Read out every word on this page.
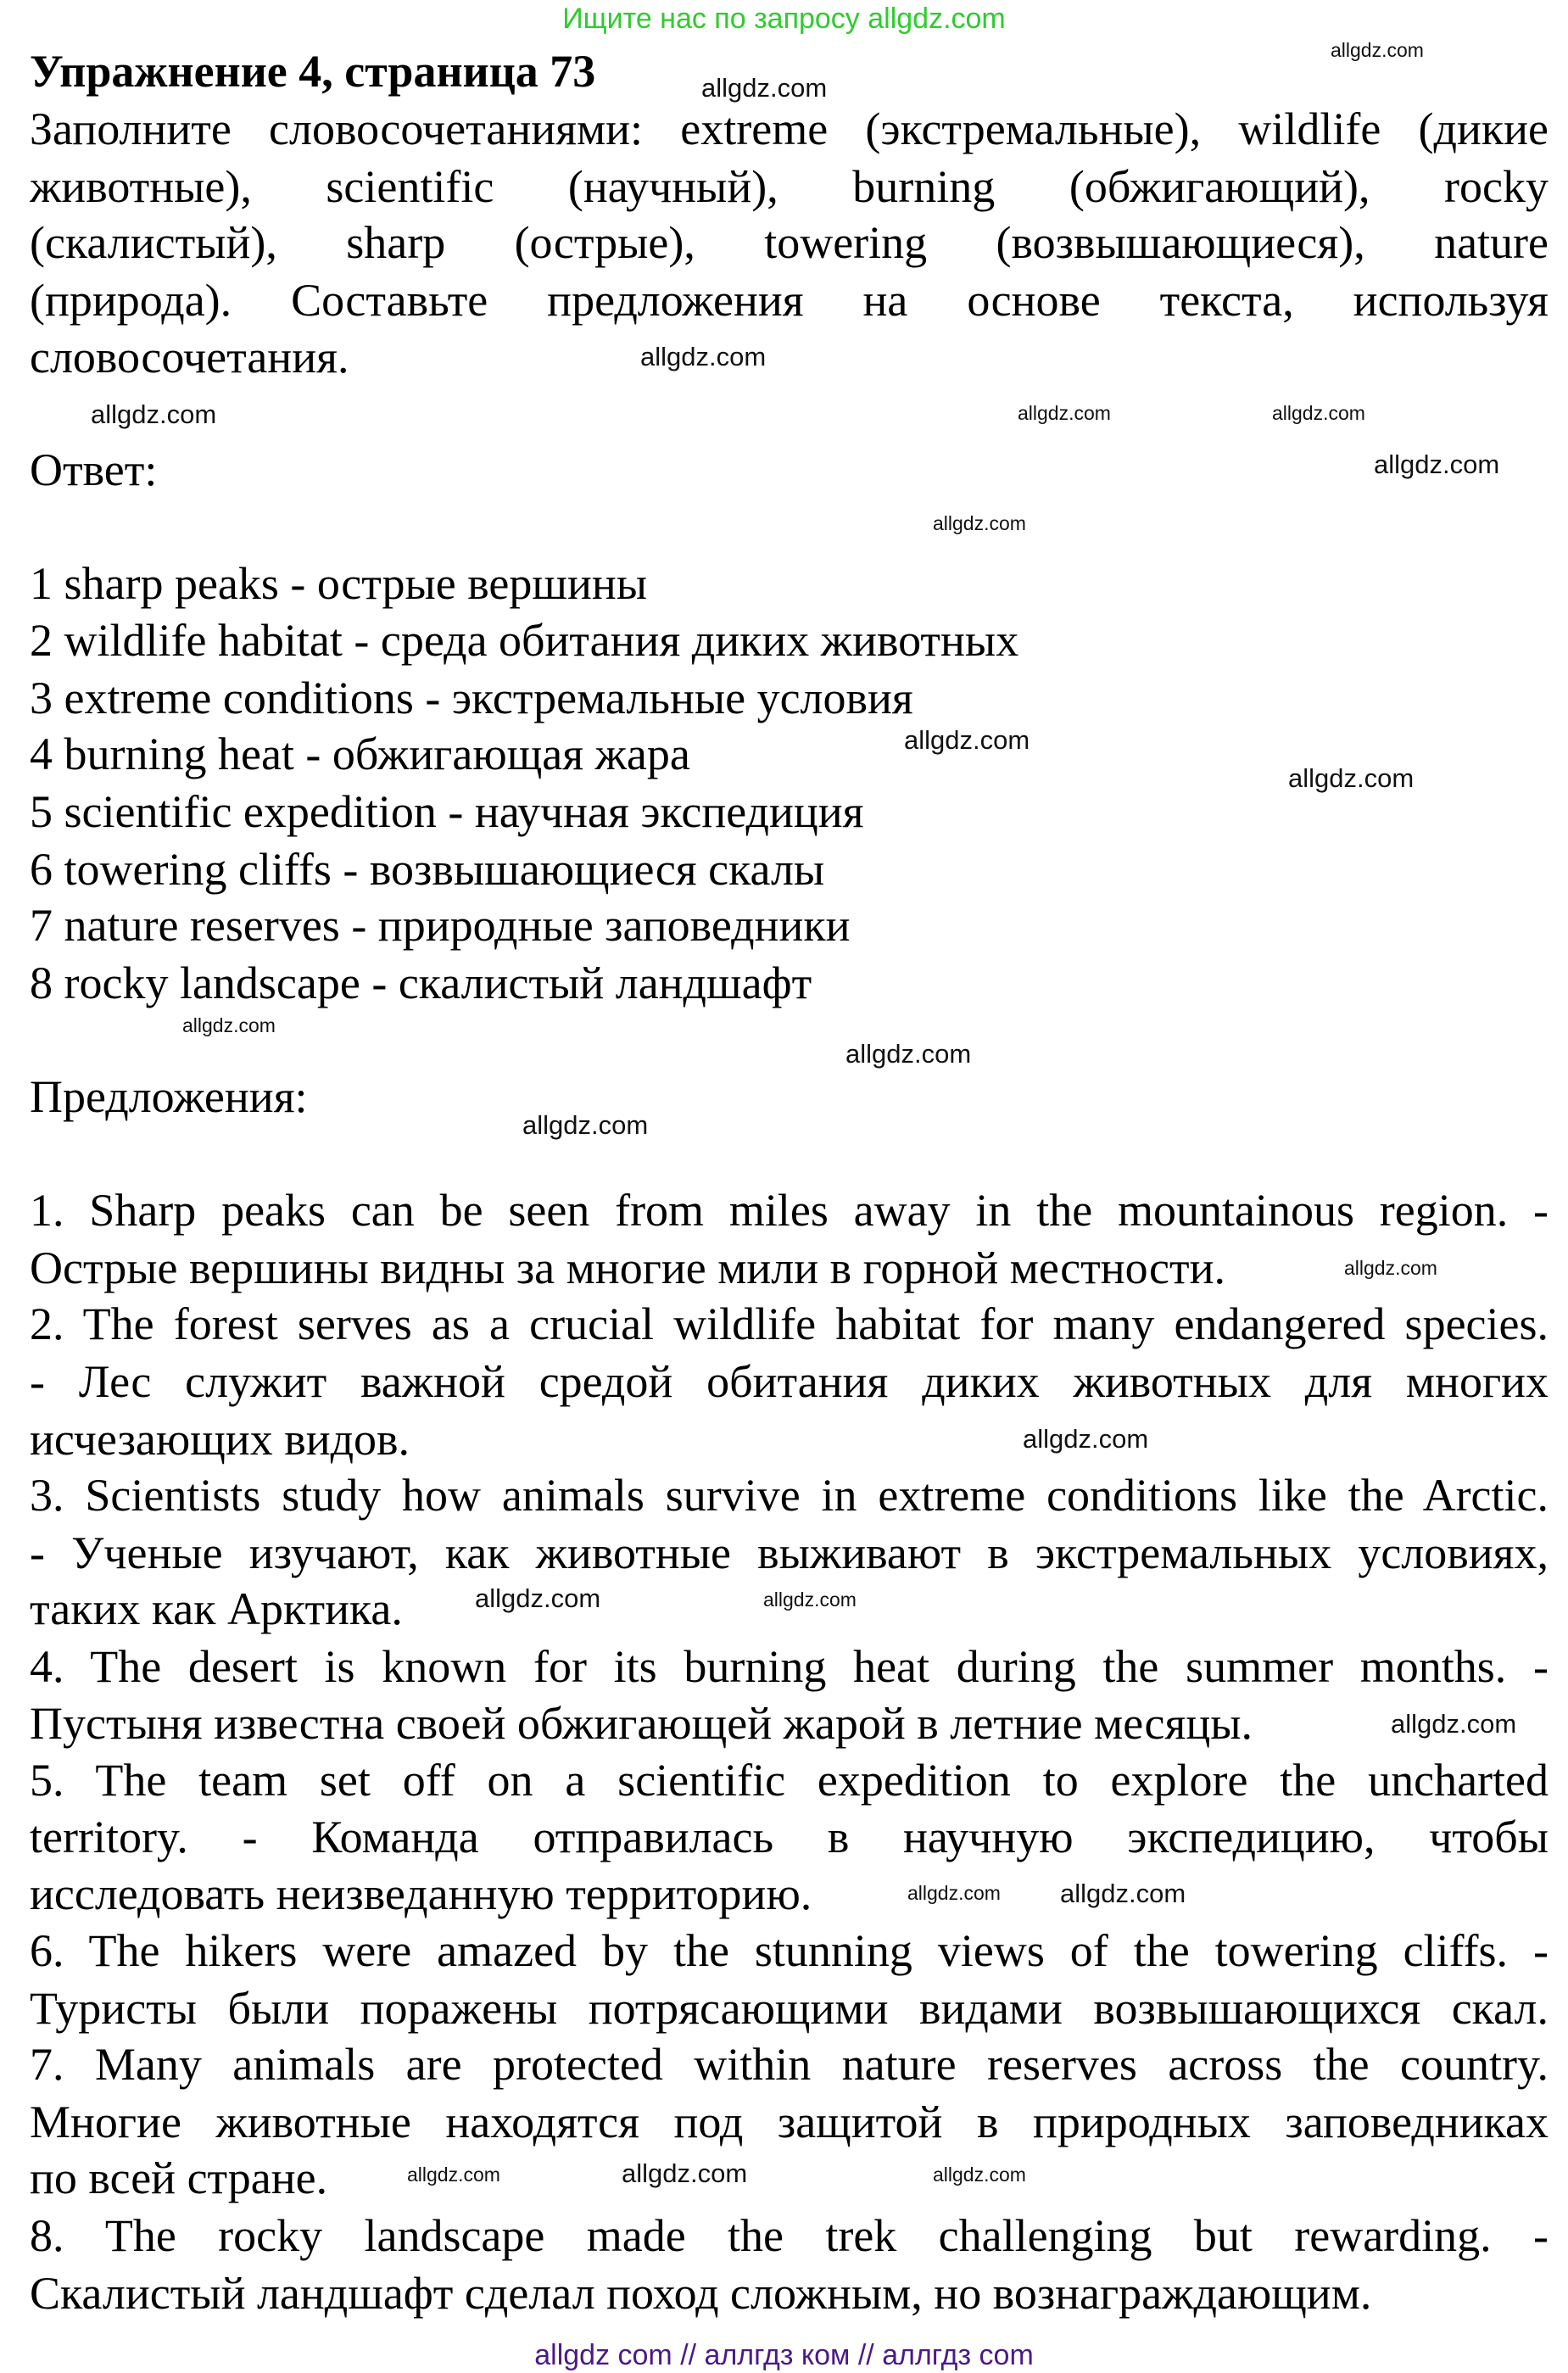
Ищите нас по запросу allgdz.com
allgdz com // аллгдз ком // аллгдз com
Упражнение 4, страница 73
Заполните словосочетаниями: extreme (экстремальные), wildlife (дикие
животные), scientific (научный), burning (обжигающий), rocky
(скалистый), sharp (острые), towering (возвышающиеся), nature
(природа). Составьте предложения на основе текста, используя
словосочетания.
Ответ:
1 sharp peaks - острые вершины
2 wildlife habitat - среда обитания диких животных
3 extreme conditions - экстремальные условия
4 burning heat - обжигающая жара
5 scientific expedition - научная экспедиция
6 towering cliffs - возвышающиеся скалы
7 nature reserves - природные заповедники
8 rocky landscape - скалистый ландшафт
Предложения:
1. Sharp peaks can be seen from miles away in the mountainous region. -
Острые вершины видны за многие мили в горной местности.
2. The forest serves as a crucial wildlife habitat for many endangered species.
- Лес служит важной средой обитания диких животных для многих
исчезающих видов.
3. Scientists study how animals survive in extreme conditions like the Arctic.
- Ученые изучают, как животные выживают в экстремальных условиях,
таких как Арктика.
4. The desert is known for its burning heat during the summer months. -
Пустыня известна своей обжигающей жарой в летние месяцы.
5. The team set off on a scientific expedition to explore the uncharted
territory. - Команда отправилась в научную экспедицию, чтобы
исследовать неизведанную территорию.
6. The hikers were amazed by the stunning views of the towering cliffs. -
Туристы были поражены потрясающими видами возвышающихся скал.
7. Many animals are protected within nature reserves across the country.
Многие животные находятся под защитой в природных заповедниках
по всей стране.
8. The rocky landscape made the trek challenging but rewarding. -
Скалистый ландшафт сделал поход сложным, но вознаграждающим.
allgdz.com
allgdz.com
allgdz.com	allgdz.com
allgdz.com
allgdz.com
allgdz.com
allgdz.com
allgdz.com
allgdz.com
allgdz.com
allgdz.com
allgdz.com
allgdz.com
allgdz.com
allgdz.com
allgdz.com
allgdz.com allgdz.com
allgdz.com	allgdz.com
allgdz.com
allgdz.com
